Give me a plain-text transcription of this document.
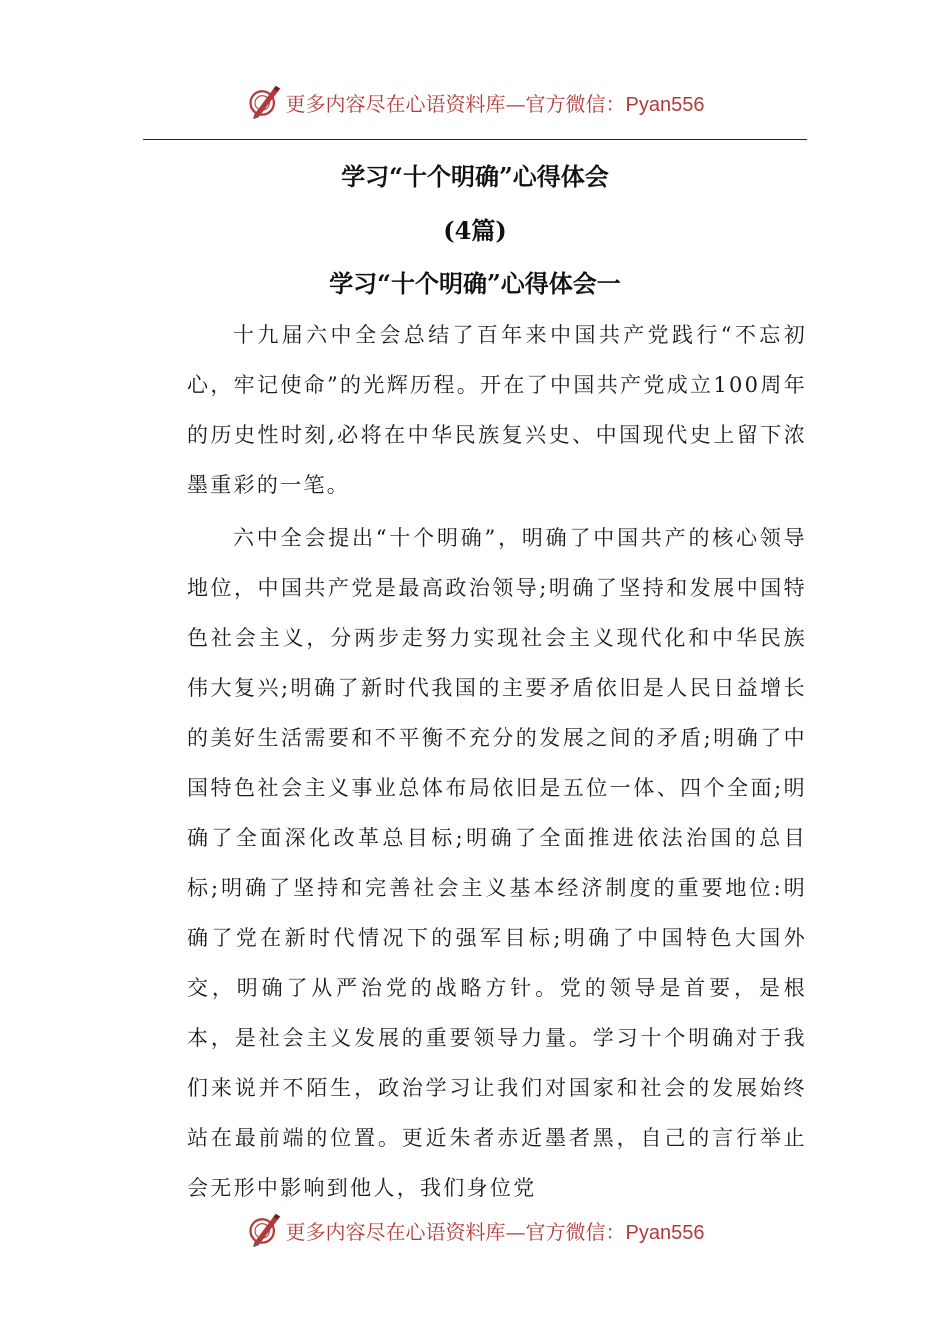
更多内容尽在心语资料库—官方微信：Pyan556
学习“十个明确”心得体会
(4篇)
学习“十个明确”心得体会一

十九届六中全会总结了百年来中国共产党践行“不忘初心，牢记使命”的光辉历程。开在了中国共产党成立100周年的历史性时刻,必将在中华民族复兴史、中国现代史上留下浓墨重彩的一笔。

六中全会提出“十个明确”，明确了中国共产的核心领导地位，中国共产党是最高政治领导;明确了坚持和发展中国特色社会主义，分两步走努力实现社会主义现代化和中华民族伟大复兴;明确了新时代我国的主要矛盾依旧是人民日益增长的美好生活需要和不平衡不充分的发展之间的矛盾;明确了中国特色社会主义事业总体布局依旧是五位一体、四个全面;明确了全面深化改革总目标;明确了全面推进依法治国的总目标;明确了坚持和完善社会主义基本经济制度的重要地位:明确了党在新时代情况下的强军目标;明确了中国特色大国外交，明确了从严治党的战略方针。党的领导是首要，是根本，是社会主义发展的重要领导力量。学习十个明确对于我们来说并不陌生，政治学习让我们对国家和社会的发展始终站在最前端的位置。更近朱者赤近墨者黑，自己的言行举止会无形中影响到他人，我们身位党

更多内容尽在心语资料库—官方微信：Pyan556
